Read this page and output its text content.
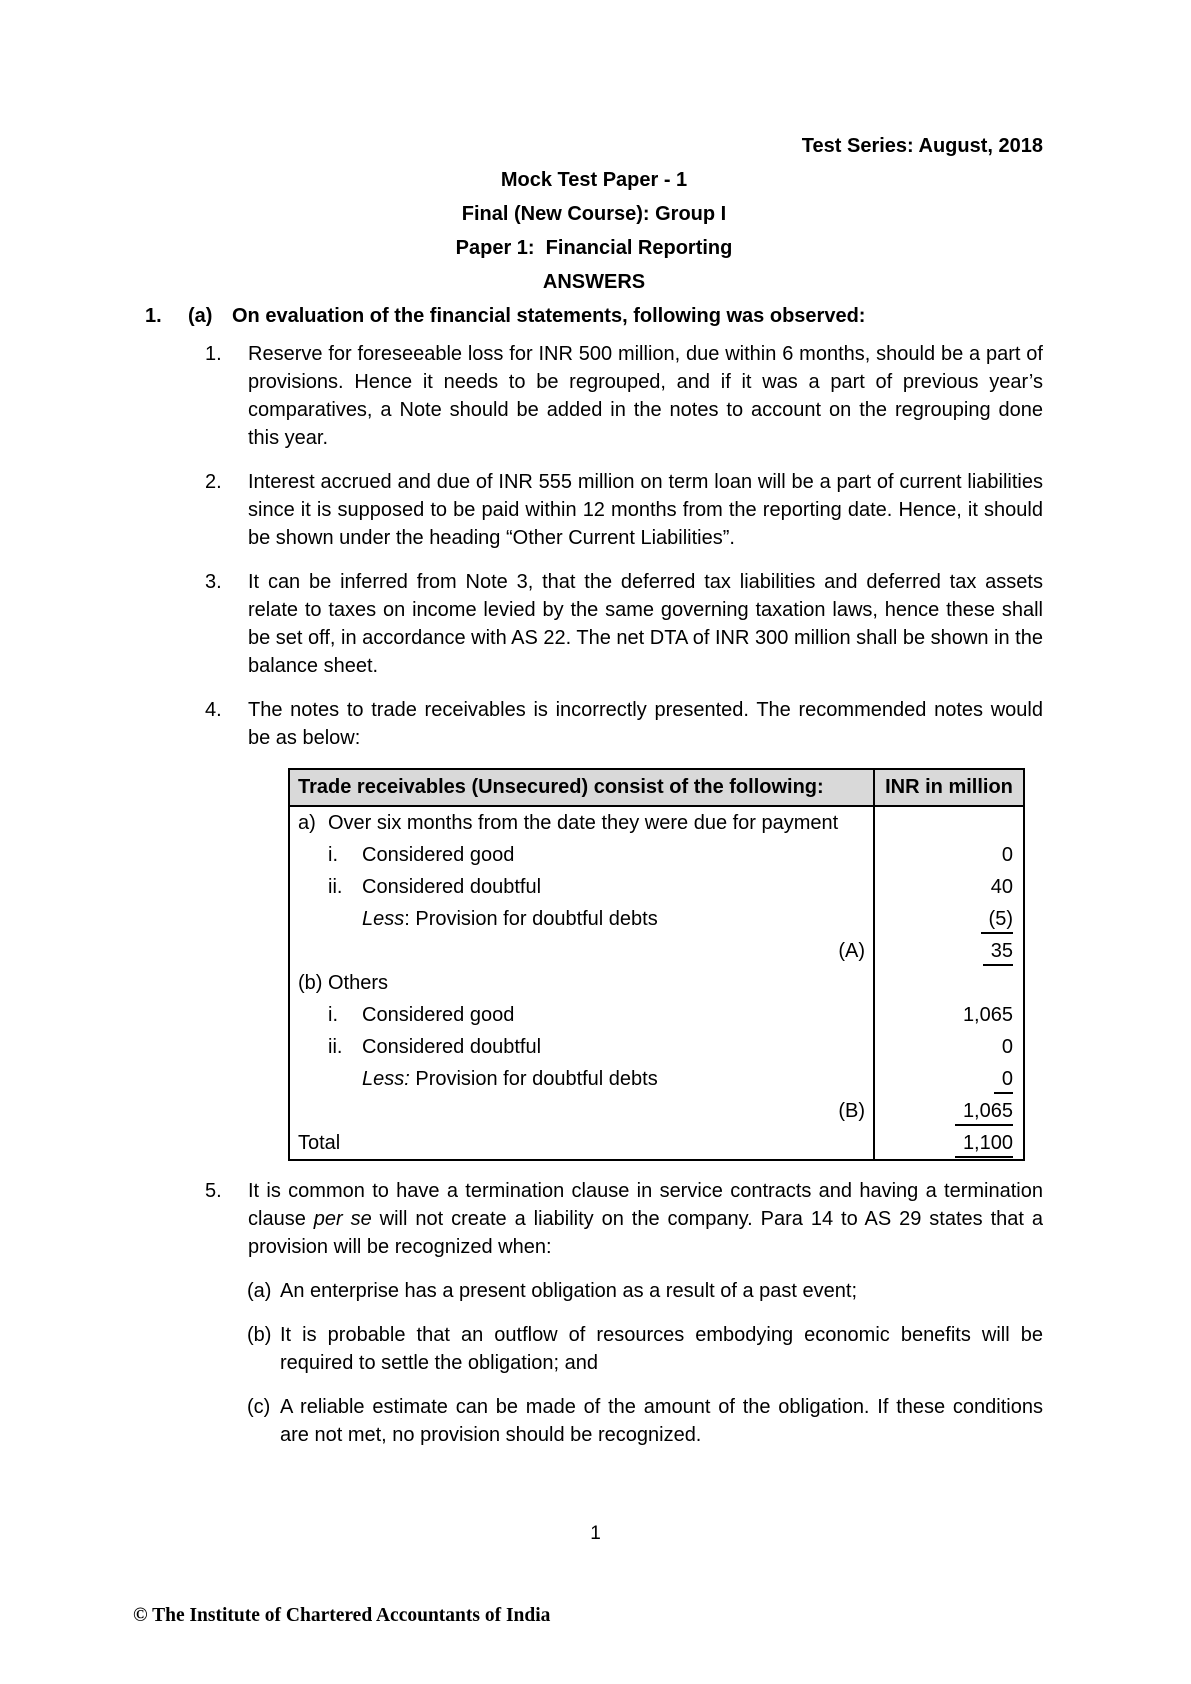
Test Series: August, 2018
Mock Test Paper - 1
Final (New Course): Group I
Paper 1:  Financial Reporting
ANSWERS
1.	(a) On evaluation of the financial statements, following was observed:
1.	Reserve for foreseeable loss for INR 500 million, due within 6 months, should be a part of provisions. Hence it needs to be regrouped, and if it was a part of previous year’s comparatives, a Note should be added in the notes to account on the regrouping done this year.
2.	Interest accrued and due of INR 555 million on term loan will be a part of current liabilities since it is supposed to be paid within 12 months from the reporting date. Hence, it should be shown under the heading “Other Current Liabilities”.
3.	It can be inferred from Note 3, that the deferred tax liabilities and deferred tax assets relate to taxes on income levied by the same governing taxation laws, hence these shall be set off, in accordance with AS 22. The net DTA of INR 300 million shall be shown in the balance sheet.
4.	The notes to trade receivables is incorrectly presented. The recommended notes would be as below:
Trade receivables (Unsecured) consist of the following:	INR in million
a) Over six months from the date they were due for payment	
i. Considered good	0
ii. Considered doubtful	40
Less: Provision for doubtful debts	(5)

(A)	35
(b) Others	
i. Considered good	1,065
ii. Considered doubtful	0
Less: Provision for doubtful debts	0

(B)	1,065
Total	1,100
5.	It is common to have a termination clause in service contracts and having a termination clause per se will not create a liability on the company. Para 14 to AS 29 states that a provision will be recognized when:
(a) An enterprise has a present obligation as a result of a past event;
(b) It is probable that an outflow of resources embodying economic benefits will be required to settle the obligation; and
(c) A reliable estimate can be made of the amount of the obligation. If these conditions are not met, no provision should be recognized.
1
© The Institute of Chartered Accountants of India
